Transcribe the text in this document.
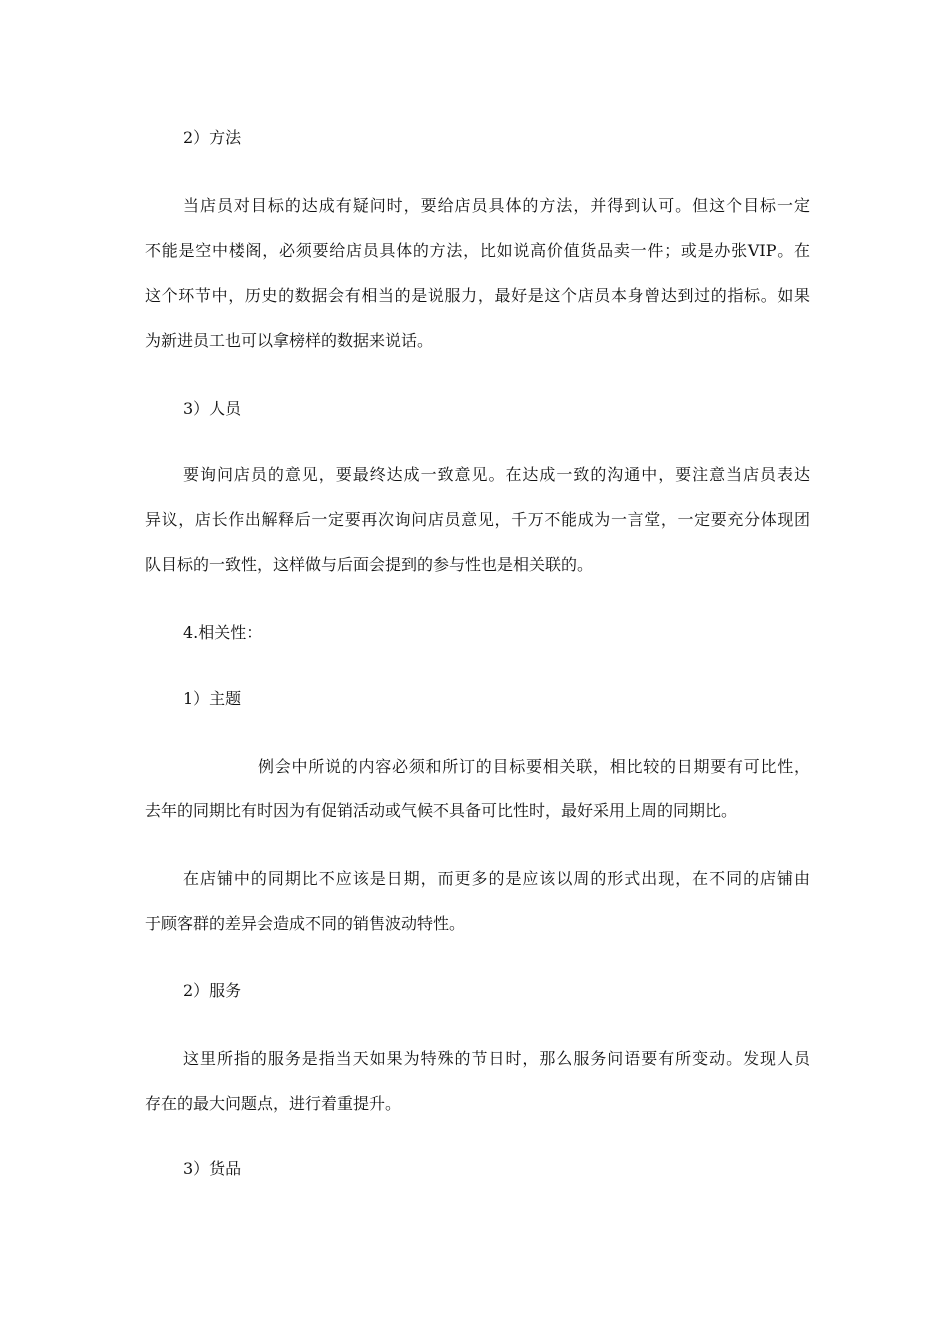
2）方法
当店员对目标的达成有疑问时，要给店员具体的方法，并得到认可。但这个目标一定
不能是空中楼阁，必须要给店员具体的方法，比如说高价值货品卖一件；或是办张VIP。在
这个环节中，历史的数据会有相当的是说服力，最好是这个店员本身曾达到过的指标。如果
为新进员工也可以拿榜样的数据来说话。
3）人员
要询问店员的意见，要最终达成一致意见。在达成一致的沟通中，要注意当店员表达
异议，店长作出解释后一定要再次询问店员意见，千万不能成为一言堂，一定要充分体现团
队目标的一致性，这样做与后面会提到的参与性也是相关联的。
4.相关性：
1）主题
例会中所说的内容必须和所订的目标要相关联，相比较的日期要有可比性，
去年的同期比有时因为有促销活动或气候不具备可比性时，最好采用上周的同期比。
在店铺中的同期比不应该是日期，而更多的是应该以周的形式出现，在不同的店铺由
于顾客群的差异会造成不同的销售波动特性。
2）服务
这里所指的服务是指当天如果为特殊的节日时，那么服务问语要有所变动。发现人员
存在的最大问题点，进行着重提升。
3）货品
